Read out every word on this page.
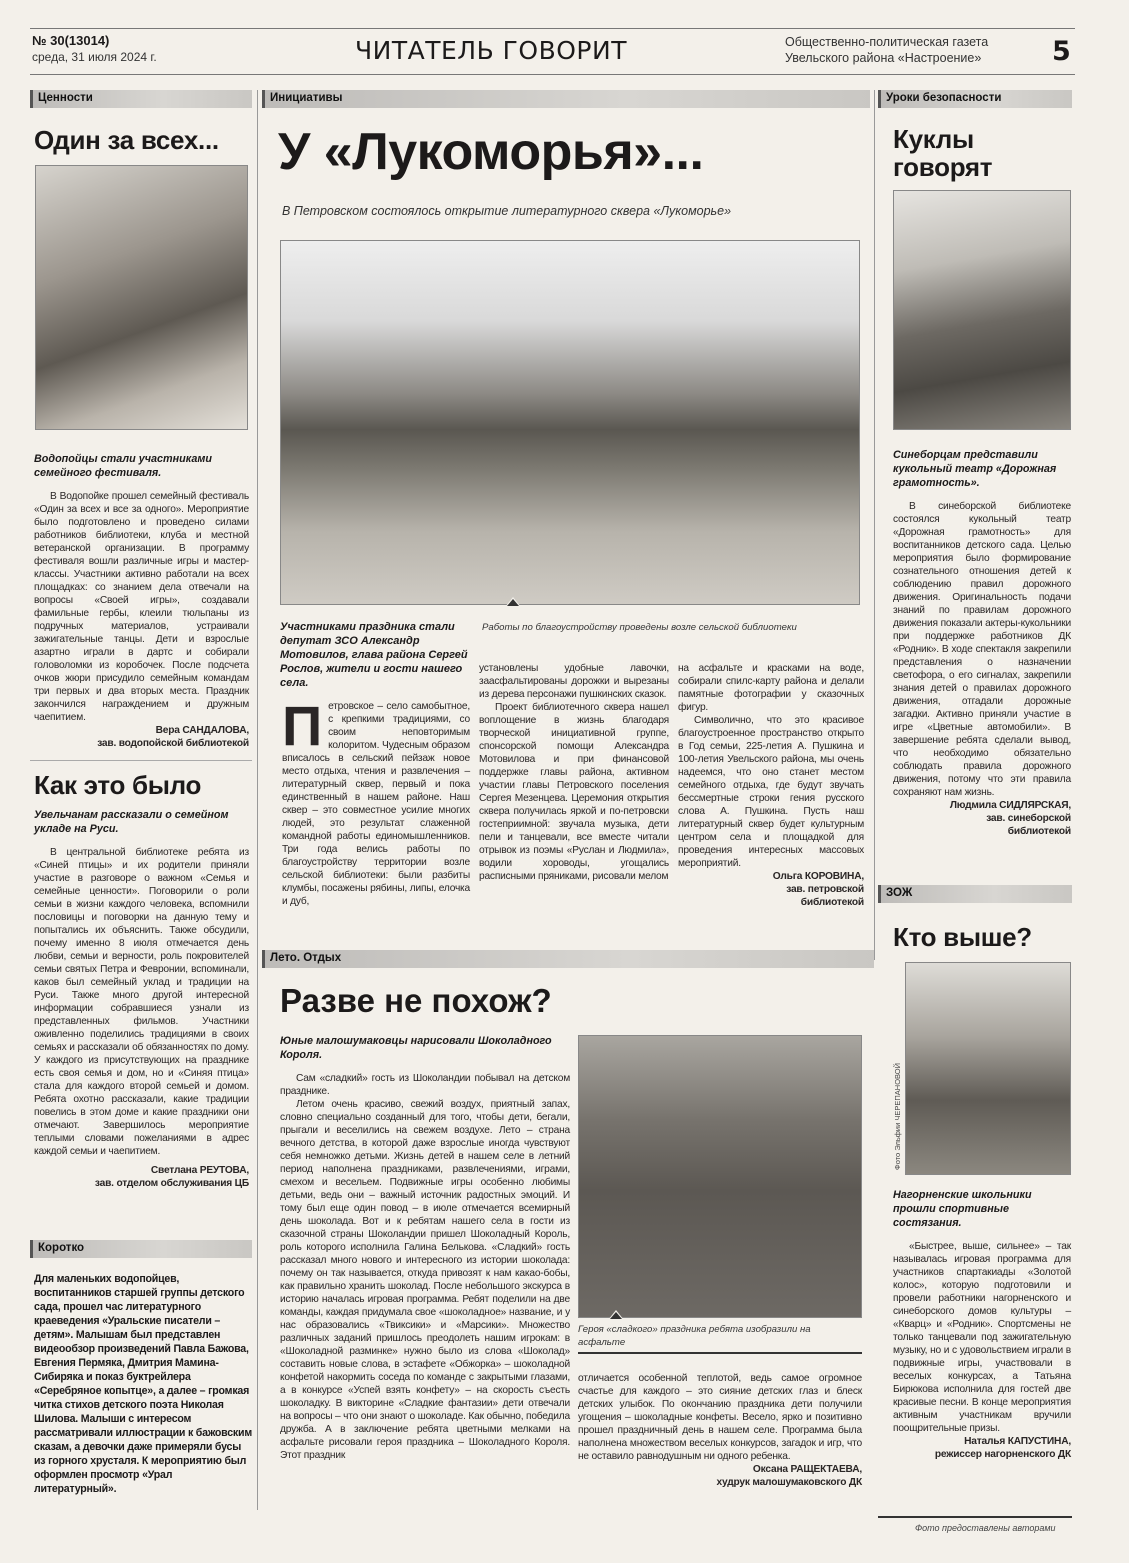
№ 30(13014)
среда, 31 июля 2024 г.	ЧИТАТЕЛЬ ГОВОРИТ	Общественно-политическая газета
Увельского района «Настроение»	5
Ценности	Инициативы	Уроки безопасности
Один за всех...
Водопойцы стали участниками семейного фестиваля.

В Водопойке прошел семейный фестиваль «Один за всех и все за одного». Мероприятие было подготовлено и проведено силами работников библиотеки, клуба и местной ветеранской организации. В программу фестиваля вошли различные игры и мастер-классы. Участники активно работали на всех площадках: со знанием дела отвечали на вопросы «Своей игры», создавали фамильные гербы, клеили тюльпаны из подручных материалов, устраивали зажигательные танцы. Дети и взрослые азартно играли в дартс и собирали головоломки из коробочек. После подсчета очков жюри присудило семейным командам три первых и два вторых места. Праздник закончился награждением и дружным чаепитием.

Вера САНДАЛОВА,
зав. водопойской библиотекой
Как это было
Увельчанам рассказали о семейном укладе на Руси.

В центральной библиотеке ребята из «Синей птицы» и их родители приняли участие в разговоре о важном «Семья и семейные ценности». Поговорили о роли семьи в жизни каждого человека, вспомнили пословицы и поговорки на данную тему и попытались их объяснить. Также обсудили, почему именно 8 июля отмечается день любви, семьи и верности, роль покровителей семьи святых Петра и Февронии, вспоминали, каков был семейный уклад и традиции на Руси. Также много другой интересной информации собравшиеся узнали из представленных фильмов. Участники оживленно поделились традициями в своих семьях и рассказали об обязанностях по дому. У каждого из присутствующих на празднике есть своя семья и дом, но и «Синяя птица» стала для каждого второй семьей и домом. Ребята охотно рассказали, какие традиции повелись в этом доме и какие праздники они отмечают. Завершилось мероприятие теплыми словами пожеланиями в адрес каждой семьи и чаепитием.

Светлана РЕУТОВА,
зав. отделом обслуживания ЦБ
Коротко
Для маленьких водопойцев, воспитанников старшей группы детского сада, прошел час литературного краеведения «Уральские писатели – детям». Малышам был представлен видеообзор произведений Павла Бажова, Евгения Пермяка, Дмитрия Мамина-Сибиряка и показ буктрейлера «Серебряное копытце», а далее – громкая читка стихов детского поэта Николая Шилова. Малыши с интересом рассматривали иллюстрации к бажовским сказам, а девочки даже примеряли бусы из горного хрусталя. К мероприятию был оформлен просмотр «Урал литературный».
У «Лукоморья»...
В Петровском состоялось открытие литературного сквера «Лукоморье»
Работы по благоустройству проведены возле сельской библиотеки
Участниками праздника стали депутат ЗСО Александр Мотовилов, глава района Сергей Рослов, жители и гости нашего села.
Петровское – село самобытное, с крепкими традициями, со своим неповторимым колоритом. Чудесным образом вписалось в сельский пейзаж новое место отдыха, чтения и развлечения – литературный сквер, первый и пока единственный в нашем районе. Наш сквер – это совместное усилие многих людей, это результат слаженной командной работы единомышленников. Три года велись работы по благоустройству территории возле сельской библиотеки: были разбиты клумбы, посажены рябины, липы, елочка и дуб,

установлены удобные лавочки, заасфальтированы дорожки и вырезаны из дерева персонажи пушкинских сказок.

Проект библиотечного сквера нашел воплощение в жизнь благодаря творческой инициативной группе, спонсорской помощи Александра Мотовилова и при финансовой поддержке главы района, активном участии главы Петровского поселения Сергея Мезенцева. Церемония открытия сквера получилась яркой и по-петровски гостеприимной: звучала музыка, дети пели и танцевали, все вместе читали отрывок из поэмы «Руслан и Людмила», водили хороводы, угощались расписными пряниками, рисовали мелом

на асфальте и красками на воде, собирали спилс-карту района и делали памятные фотографии у сказочных фигур.

Символично, что это красивое благоустроенное пространство открыто в Год семьи, 225-летия А. Пушкина и 100-летия Увельского района, мы очень надеемся, что оно станет местом семейного отдыха, где будут звучать бессмертные строки гения русского слова А. Пушкина. Пусть наш литературный сквер будет культурным центром села и площадкой для проведения интересных массовых мероприятий.

Ольга КОРОВИНА,
зав. петровской
библиотекой
Лето. Отдых
Разве не похож?
Юные малошумаковцы нарисовали Шоколадного Короля.

Сам «сладкий» гость из Шоколандии побывал на детском празднике.

Летом очень красиво, свежий воздух, приятный запах, словно специально созданный для того, чтобы дети, бегали, прыгали и веселились на свежем воздухе. Лето – страна вечного детства, в которой даже взрослые иногда чувствуют себя немножко детьми. Жизнь детей в нашем селе в летний период наполнена праздниками, развлечениями, играми, смехом и весельем. Подвижные игры особенно любимы детьми, ведь они – важный источник радостных эмоций. И тому был еще один повод – в июле отмечается всемирный день шоколада. Вот и к ребятам нашего села в гости из сказочной страны Шоколандии пришел Шоколадный Король, роль которого исполнила Галина Белькова. «Сладкий» гость рассказал много нового и интересного из истории шоколада: почему он так называется, откуда привозят к нам какао-бобы, как правильно хранить шоколад. После небольшого экскурса в историю началась игровая программа. Ребят поделили на две команды, каждая придумала свое «шоколадное» название, и у нас образовались «Твиксики» и «Марсики». Множество различных заданий пришлось преодолеть нашим игрокам: в «Шоколадной разминке» нужно было из слова «Шоколад» составить новые слова, в эстафете «Обжорка» – шоколадной конфетой накормить соседа по команде с закрытыми глазами, а в конкурсе «Успей взять конфету» – на скорость съесть шоколадку. В викторине «Сладкие фантазии» дети отвечали на вопросы – что они знают о шоколаде. Как обычно, победила дружба. А в заключение ребята цветными мелками на асфальте рисовали героя праздника – Шоколадного Короля. Этот праздник

Героя «сладкого» праздника ребята изобразили на асфальте

отличается особенной теплотой, ведь самое огромное счастье для каждого – это сияние детских глаз и блеск детских улыбок. По окончанию праздника дети получили угощения – шоколадные конфеты. Весело, ярко и позитивно прошел праздничный день в нашем селе. Программа была наполнена множеством веселых конкурсов, загадок и игр, что не оставило равнодушным ни одного ребенка.

Оксана РАЩЕКТАЕВА,
худрук малошумаковского ДК
Куклы
говорят
Синеборцам представили кукольный театр «Дорожная грамотность».

В синеборской библиотеке состоялся кукольный театр «Дорожная грамотность» для воспитанников детского сада. Целью мероприятия было формирование сознательного отношения детей к соблюдению правил дорожного движения. Оригинальность подачи знаний по правилам дорожного движения показали актеры-кукольники при поддержке работников ДК «Родник». В ходе спектакля закрепили представления о назначении светофора, о его сигналах, закрепили знания детей о правилах дорожного движения, отгадали дорожные загадки. Активно приняли участие в игре «Цветные автомобили». В завершение ребята сделали вывод, что необходимо обязательно соблюдать правила дорожного движения, потому что эти правила сохраняют нам жизнь.

Людмила СИДЛЯРСКАЯ,
зав. синеборской
библиотекой
ЗОЖ
Кто выше?
Фото Эльфии ЧЕРЕПАНОВОЙ
Нагорненские школьники прошли спортивные состязания.

«Быстрее, выше, сильнее» – так называлась игровая программа для участников спартакиады «Золотой колос», которую подготовили и провели работники нагорненского и синеборского домов культуры – «Кварц» и «Родник». Спортсмены не только танцевали под зажигательную музыку, но и с удовольствием играли в подвижные игры, участвовали в веселых конкурсах, а Татьяна Бирюкова исполнила для гостей две красивые песни. В конце мероприятия активным участникам вручили поощрительные призы.

Наталья КАПУСТИНА,
режиссер нагорненского ДК
Фото предоставлены авторами
